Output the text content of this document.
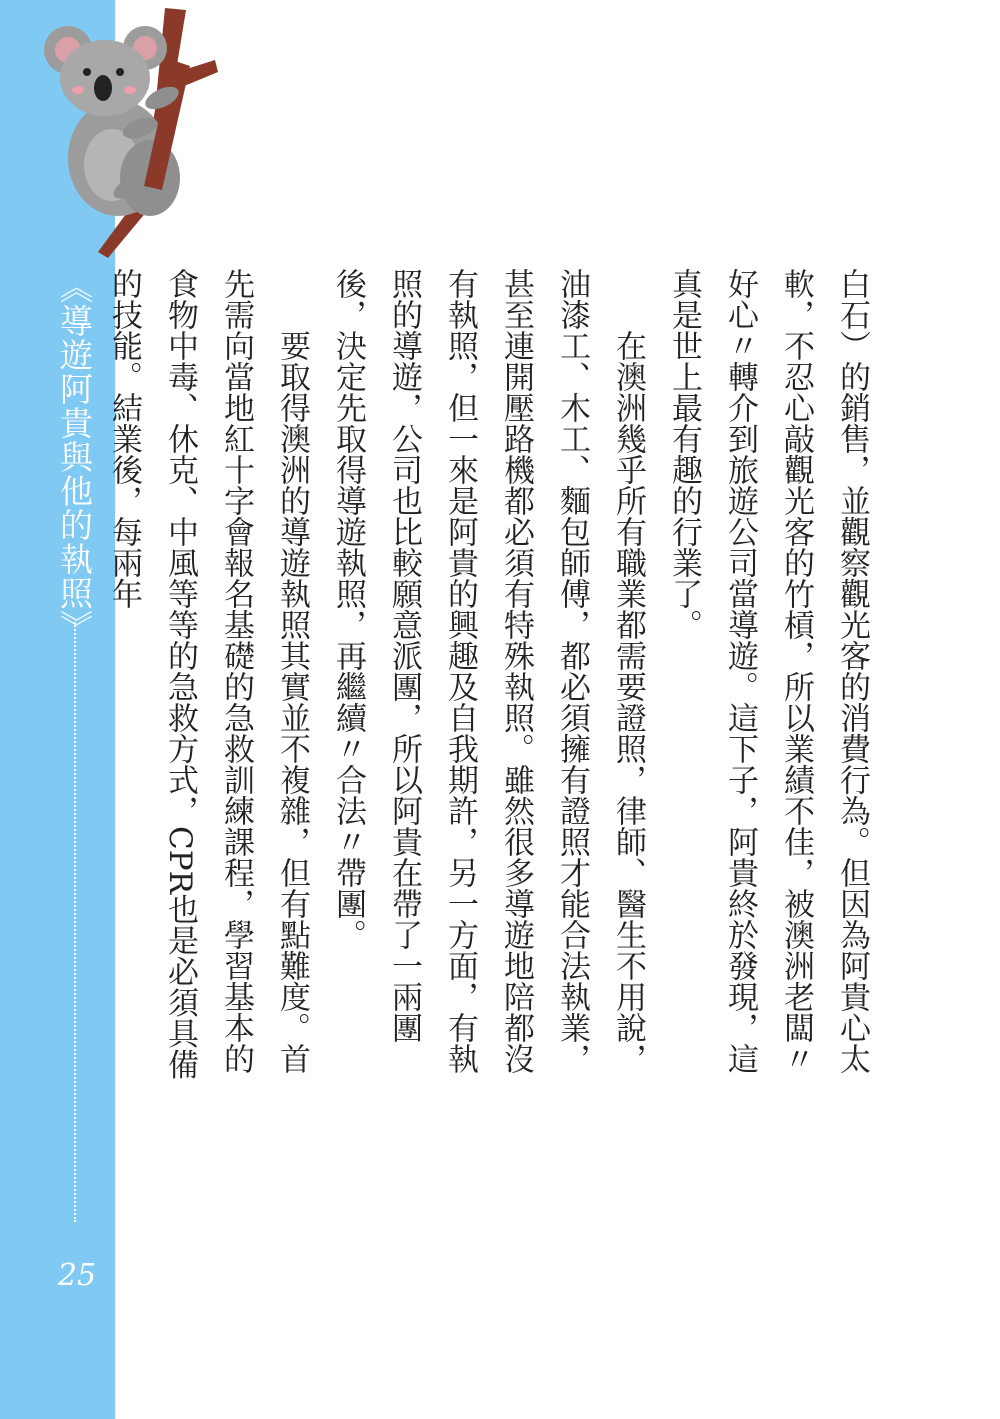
《導遊阿貴與他的執照》
25

白石）的銷售，並觀察觀光客的消費行為。但因為阿貴心太軟，不忍心敲觀光客的竹槓，所以業績不佳，被澳洲老闆〃好心〃轉介到旅遊公司當導遊。這下子，阿貴終於發現，這真是世上最有趣的行業了。

在澳洲幾乎所有職業都需要證照，律師、醫生不用說，油漆工、木工、麵包師傅，都必須擁有證照才能合法執業，甚至連開壓路機都必須有特殊執照。雖然很多導遊地陪都沒有執照，但一來是阿貴的興趣及自我期許，另一方面，有執照的導遊，公司也比較願意派團，所以阿貴在帶了一兩團後，決定先取得導遊執照，再繼續〃合法〃帶團。

要取得澳洲的導遊執照其實並不複雜，但有點難度。首先需向當地紅十字會報名基礎的急救訓練課程，學習基本的食物中毒、休克、中風等等的急救方式，CPR也是必須具備的技能。結業後，每兩年
